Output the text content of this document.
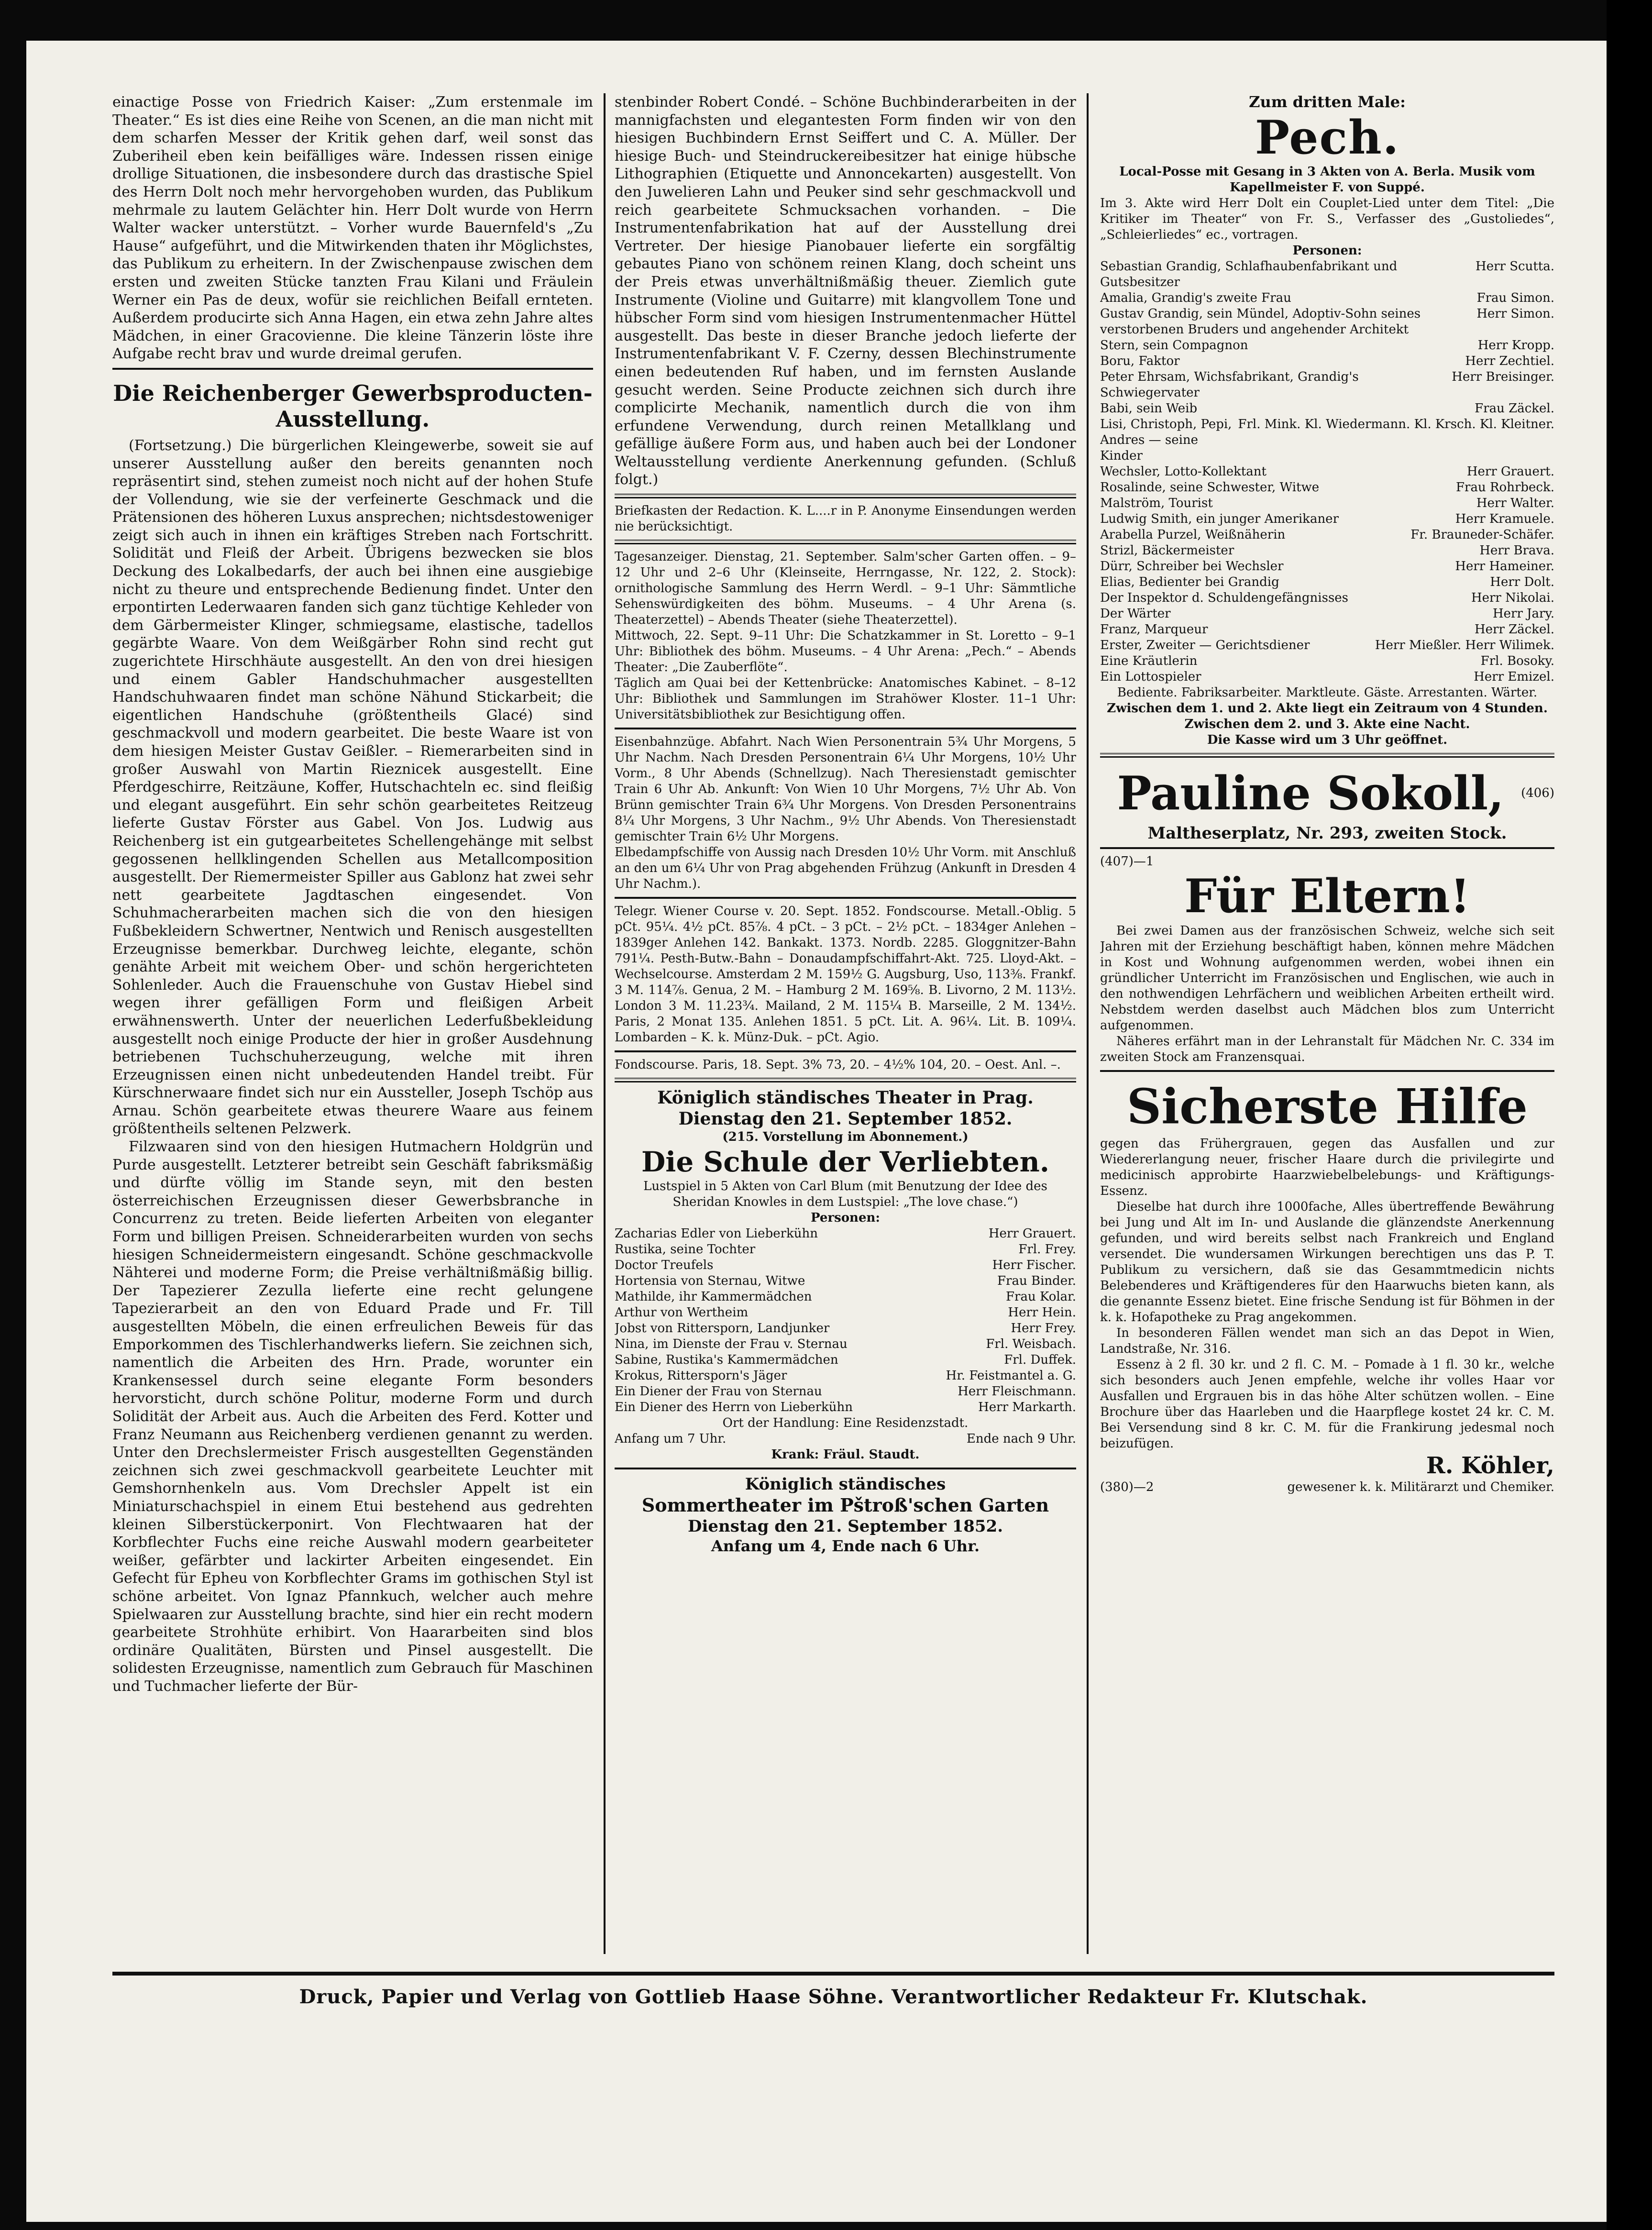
einactige Posse von Friedrich Kaiser: „Zum erstenmale im Theater.“ Es ist dies eine Reihe von Scenen, an die man nicht mit dem scharfen Messer der Kritik gehen darf, weil sonst das Zuberiheil eben kein beifälliges wäre. Indessen rissen einige drollige Situationen, die insbesondere durch das drastische Spiel des Herrn Dolt noch mehr hervorgehoben wurden, das Publikum mehrmale zu lautem Gelächter hin. Herr Dolt wurde von Herrn Walter wacker unterstützt. – Vorher wurde Bauernfeld's „Zu Hause“ aufgeführt, und die Mitwirkenden thaten ihr Möglichstes, das Publikum zu erheitern. In der Zwischenpause zwischen dem ersten und zweiten Stücke tanzten Frau Kilani und Fräulein Werner ein Pas de deux, wofür sie reichlichen Beifall ernteten. Außerdem producirte sich Anna Hagen, ein etwa zehn Jahre altes Mädchen, in einer Gracovienne. Die kleine Tänzerin löste ihre Aufgabe recht brav und wurde dreimal gerufen.

Die Reichenberger Gewerbsproducten-Ausstellung.

(Fortsetzung.) Die bürgerlichen Kleingewerbe, soweit sie auf unserer Ausstellung außer den bereits genannten noch repräsentirt sind, stehen zumeist noch nicht auf der hohen Stufe der Vollendung, wie sie der verfeinerte Geschmack und die Prätensionen des höheren Luxus ansprechen; nichtsdestoweniger zeigt sich auch in ihnen ein kräftiges Streben nach Fortschritt. Solidität und Fleiß der Arbeit. Übrigens bezwecken sie blos Deckung des Lokalbedarfs, der auch bei ihnen eine ausgiebige nicht zu theure und entsprechende Bedienung findet. Unter den erpontirten Lederwaaren fanden sich ganz tüchtige Kehleder von dem Gärbermeister Klinger, schmiegsame, elastische, tadellos gegärbte Waare. Von dem Weißgärber Rohn sind recht gut zugerichtete Hirschhäute ausgestellt. An den von drei hiesigen und einem Gabler Handschuhmacher ausgestellten Handschuhwaaren findet man schöne Nähund Stickarbeit; die eigentlichen Handschuhe (größtentheils Glacé) sind geschmackvoll und modern gearbeitet. Die beste Waare ist von dem hiesigen Meister Gustav Geißler. – Riemerarbeiten sind in großer Auswahl von Martin Rieznicek ausgestellt. Eine Pferdgeschirre, Reitzäune, Koffer, Hutschachteln ec. sind fleißig und elegant ausgeführt. Ein sehr schön gearbeitetes Reitzeug lieferte Gustav Förster aus Gabel. Von Jos. Ludwig aus Reichenberg ist ein gutgearbeitetes Schellengehänge mit selbst gegossenen hellklingenden Schellen aus Metallcomposition ausgestellt. Der Riemermeister Spiller aus Gablonz hat zwei sehr nett gearbeitete Jagdtaschen eingesendet. Von Schuhmacherarbeiten machen sich die von den hiesigen Fußbekleidern Schwertner, Nentwich und Renisch ausgestellten Erzeugnisse bemerkbar. Durchweg leichte, elegante, schön genähte Arbeit mit weichem Ober- und schön hergerichteten Sohlenleder. Auch die Frauenschuhe von Gustav Hiebel sind wegen ihrer gefälligen Form und fleißigen Arbeit erwähnenswerth. Unter der neuerlichen Lederfußbekleidung ausgestellt noch einige Producte der hier in großer Ausdehnung betriebenen Tuchschuherzeugung, welche mit ihren Erzeugnissen einen nicht unbedeutenden Handel treibt. Für Kürschnerwaare findet sich nur ein Aussteller, Joseph Tschöp aus Arnau. Schön gearbeitete etwas theurere Waare aus feinem größtentheils seltenen Pelzwerk.

Filzwaaren sind von den hiesigen Hutmachern Holdgrün und Purde ausgestellt. Letzterer betreibt sein Geschäft fabriksmäßig und dürfte völlig im Stande seyn, mit den besten österreichischen Erzeugnissen dieser Gewerbsbranche in Concurrenz zu treten. Beide lieferten Arbeiten von eleganter Form und billigen Preisen. Schneiderarbeiten wurden von sechs hiesigen Schneidermeistern eingesandt. Schöne geschmackvolle Nähterei und moderne Form; die Preise verhältnißmäßig billig. Der Tapezierer Zezulla lieferte eine recht gelungene Tapezierarbeit an den von Eduard Prade und Fr. Till ausgestellten Möbeln, die einen erfreulichen Beweis für das Emporkommen des Tischlerhandwerks liefern. Sie zeichnen sich, namentlich die Arbeiten des Hrn. Prade, worunter ein Krankensessel durch seine elegante Form besonders hervorsticht, durch schöne Politur, moderne Form und durch Solidität der Arbeit aus. Auch die Arbeiten des Ferd. Kotter und Franz Neumann aus Reichenberg verdienen genannt zu werden. Unter den Drechslermeister Frisch ausgestellten Gegenständen zeichnen sich zwei geschmackvoll gearbeitete Leuchter mit Gemshornhenkeln aus. Vom Drechsler Appelt ist ein Miniaturschachspiel in einem Etui bestehend aus gedrehten kleinen Silberstückerponirt. Von Flechtwaaren hat der Korbflechter Fuchs eine reiche Auswahl modern gearbeiteter weißer, gefärbter und lackirter Arbeiten eingesendet. Ein Gefecht für Epheu von Korbflechter Grams im gothischen Styl ist schöne arbeitet. Von Ignaz Pfannkuch, welcher auch mehre Spielwaaren zur Ausstellung brachte, sind hier ein recht modern gearbeitete Strohhüte erhibirt. Von Haararbeiten sind blos ordinäre Qualitäten, Bürsten und Pinsel ausgestellt. Die solidesten Erzeugnisse, namentlich zum Gebrauch für Maschinen und Tuchmacher lieferte der Bür-

stenbinder Robert Condé. – Schöne Buchbinderarbeiten in der mannigfachsten und elegantesten Form finden wir von den hiesigen Buchbindern Ernst Seiffert und C. A. Müller. Der hiesige Buch- und Steindruckereibesitzer hat einige hübsche Lithographien (Etiquette und Annoncekarten) ausgestellt. Von den Juwelieren Lahn und Peuker sind sehr geschmackvoll und reich gearbeitete Schmucksachen vorhanden. – Die Instrumentenfabrikation hat auf der Ausstellung drei Vertreter. Der hiesige Pianobauer lieferte ein sorgfältig gebautes Piano von schönem reinen Klang, doch scheint uns der Preis etwas unverhältnißmäßig theuer. Ziemlich gute Instrumente (Violine und Guitarre) mit klangvollem Tone und hübscher Form sind vom hiesigen Instrumentenmacher Hüttel ausgestellt. Das beste in dieser Branche jedoch lieferte der Instrumentenfabrikant V. F. Czerny, dessen Blechinstrumente einen bedeutenden Ruf haben, und im fernsten Auslande gesucht werden. Seine Producte zeichnen sich durch ihre complicirte Mechanik, namentlich durch die von ihm erfundene Verwendung, durch reinen Metallklang und gefällige äußere Form aus, und haben auch bei der Londoner Weltausstellung verdiente Anerkennung gefunden. (Schluß folgt.)

Briefkasten der Redaction. K. L....r in P. Anonyme Einsendungen werden nie berücksichtigt.

Tagesanzeiger. Dienstag, 21. September. Salm'scher Garten offen. – 9–12 Uhr und 2–6 Uhr (Kleinseite, Herrngasse, Nr. 122, 2. Stock): ornithologische Sammlung des Herrn Werdl. – 9–1 Uhr: Sämmtliche Sehenswürdigkeiten des böhm. Museums. – 4 Uhr Arena (s. Theaterzettel) – Abends Theater (siehe Theaterzettel).

Mittwoch, 22. Sept. 9–11 Uhr: Die Schatzkammer in St. Loretto – 9–1 Uhr: Bibliothek des böhm. Museums. – 4 Uhr Arena: „Pech.“ – Abends Theater: „Die Zauberflöte“.

Täglich am Quai bei der Kettenbrücke: Anatomisches Kabinet. – 8–12 Uhr: Bibliothek und Sammlungen im Strahöwer Kloster. 11–1 Uhr: Universitätsbibliothek zur Besichtigung offen.

Eisenbahnzüge. Abfahrt. Nach Wien Personentrain 5¾ Uhr Morgens, 5 Uhr Nachm. Nach Dresden Personentrain 6¼ Uhr Morgens, 10½ Uhr Vorm., 8 Uhr Abends (Schnellzug). Nach Theresienstadt gemischter Train 6 Uhr Ab. Ankunft: Von Wien 10 Uhr Morgens, 7½ Uhr Ab. Von Brünn gemischter Train 6¾ Uhr Morgens. Von Dresden Personentrains 8¼ Uhr Morgens, 3 Uhr Nachm., 9½ Uhr Abends. Von Theresienstadt gemischter Train 6½ Uhr Morgens.

Elbedampfschiffe von Aussig nach Dresden 10½ Uhr Vorm. mit Anschluß an den um 6¼ Uhr von Prag abgehenden Frühzug (Ankunft in Dresden 4 Uhr Nachm.).

Telegr. Wiener Course v. 20. Sept. 1852. Fondscourse. Metall.-Oblig. 5 pCt. 95¼. 4½ pCt. 85⅞. 4 pCt. – 3 pCt. – 2½ pCt. – 1834ger Anlehen – 1839ger Anlehen 142. Bankakt. 1373. Nordb. 2285. Gloggnitzer-Bahn 791¼. Pesth-Butw.-Bahn – Donaudampfschiffahrt-Akt. 725. Lloyd-Akt. – Wechselcourse. Amsterdam 2 M. 159½ G. Augsburg, Uso, 113⅜. Frankf. 3 M. 114⅞. Genua, 2 M. – Hamburg 2 M. 169⅝. B. Livorno, 2 M. 113½. London 3 M. 11.23¾. Mailand, 2 M. 115¼ B. Marseille, 2 M. 134½. Paris, 2 Monat 135. Anlehen 1851. 5 pCt. Lit. A. 96¼. Lit. B. 109¼. Lombarden – K. k. Münz-Duk. – pCt. Agio.

Fondscourse. Paris, 18. Sept. 3% 73, 20. – 4½% 104, 20. – Oest. Anl. –.

Königlich ständisches Theater in Prag.
Dienstag den 21. September 1852.
(215. Vorstellung im Abonnement.)
Die Schule der Verliebten.

Lustspiel in 5 Akten von Carl Blum (mit Benutzung der Idee des Sheridan Knowles in dem Lustspiel: „The love chase.“)

Personen:
Zacharias Edler von Lieberkühn	Herr Grauert.
Rustika, seine Tochter	Frl. Frey.
Doctor Treufels	Herr Fischer.
Hortensia von Sternau, Witwe	Frau Binder.
Mathilde, ihr Kammermädchen	Frau Kolar.
Arthur von Wertheim	Herr Hein.
Jobst von Rittersporn, Landjunker	Herr Frey.
Nina, im Dienste der Frau v. Sternau	Frl. Weisbach.
Sabine, Rustika's Kammermädchen	Frl. Duffek.
Krokus, Rittersporn's Jäger	Hr. Feistmantel a. G.
Ein Diener der Frau von Sternau	Herr Fleischmann.
Ein Diener des Herrn von Lieberkühn	Herr Markarth.
Ort der Handlung: Eine Residenzstadt.
Anfang um 7 Uhr.	Ende nach 9 Uhr.
Krank: Fräul. Staudt.
Königlich ständisches
Sommertheater im Pštroß'schen Garten
Dienstag den 21. September 1852.
Anfang um 4, Ende nach 6 Uhr.
Zum dritten Male:
Pech.

Local-Posse mit Gesang in 3 Akten von A. Berla. Musik vom Kapellmeister F. von Suppé.

Im 3. Akte wird Herr Dolt ein Couplet-Lied unter dem Titel: „Die Kritiker im Theater“ von Fr. S., Verfasser des „Gustoliedes“, „Schleierliedes“ ec., vortragen.

Personen:
Sebastian Grandig, Schlafhaubenfabrikant und Gutsbesitzer
Herr Scutta.
Amalia, Grandig's zweite Frau	Frau Simon.
Gustav Grandig, sein Mündel, Adoptiv-Sohn seines verstorbenen Bruders und angehender Architekt
Herr Simon.
Stern, sein Compagnon	Herr Kropp.
Boru, Faktor	Herr Zechtiel.
Peter Ehrsam, Wichsfabrikant, Grandig's Schwiegervater
Herr Breisinger.
Babi, sein Weib	Frau Zäckel.
Lisi, Christoph, Pepi, Andres — seine Kinder
Frl. Mink. Kl. Wiedermann. Kl. Krsch. Kl. Kleitner.
Wechsler, Lotto-Kollektant	Herr Grauert.
Rosalinde, seine Schwester, Witwe	Frau Rohrbeck.
Malström, Tourist	Herr Walter.
Ludwig Smith, ein junger Amerikaner	Herr Kramuele.
Arabella Purzel, Weißnäherin	Fr. Brauneder-Schäfer.
Strizl, Bäckermeister	Herr Brava.
Dürr, Schreiber bei Wechsler	Herr Hameiner.
Elias, Bedienter bei Grandig	Herr Dolt.
Der Inspektor d. Schuldengefängnisses	Herr Nikolai.
Der Wärter	Herr Jary.
Franz, Marqueur	Herr Zäckel.
Erster, Zweiter — Gerichtsdiener	Herr Mießler. Herr Wilimek.
Eine Kräutlerin	Frl. Bosoky.
Ein Lottospieler	Herr Emizel.

Bediente. Fabriksarbeiter. Marktleute. Gäste. Arrestanten. Wärter.

Zwischen dem 1. und 2. Akte liegt ein Zeitraum von 4 Stunden.

Zwischen dem 2. und 3. Akte eine Nacht.

Die Kasse wird um 3 Uhr geöffnet.

Pauline Sokoll,	(406)
Maltheserplatz, Nr. 293, zweiten Stock.
(407)—1
Für Eltern!

Bei zwei Damen aus der französischen Schweiz, welche sich seit Jahren mit der Erziehung beschäftigt haben, können mehre Mädchen in Kost und Wohnung aufgenommen werden, wobei ihnen ein gründlicher Unterricht im Französischen und Englischen, wie auch in den nothwendigen Lehrfächern und weiblichen Arbeiten ertheilt wird. Nebstdem werden daselbst auch Mädchen blos zum Unterricht aufgenommen.

Näheres erfährt man in der Lehranstalt für Mädchen Nr. C. 334 im zweiten Stock am Franzensquai.

Sicherste Hilfe

gegen das Frühergrauen, gegen das Ausfallen und zur Wiedererlangung neuer, frischer Haare durch die privilegirte und medicinisch approbirte Haarzwiebelbelebungs- und Kräftigungs-Essenz.

Dieselbe hat durch ihre 1000fache, Alles übertreffende Bewährung bei Jung und Alt im In- und Auslande die glänzendste Anerkennung gefunden, und wird bereits selbst nach Frankreich und England versendet. Die wundersamen Wirkungen berechtigen uns das P. T. Publikum zu versichern, daß sie das Gesammtmedicin nichts Belebenderes und Kräftigenderes für den Haarwuchs bieten kann, als die genannte Essenz bietet. Eine frische Sendung ist für Böhmen in der k. k. Hofapotheke zu Prag angekommen.

In besonderen Fällen wendet man sich an das Depot in Wien, Landstraße, Nr. 316.

Essenz à 2 fl. 30 kr. und 2 fl. C. M. – Pomade à 1 fl. 30 kr., welche sich besonders auch Jenen empfehle, welche ihr volles Haar vor Ausfallen und Ergrauen bis in das höhe Alter schützen wollen. – Eine Brochure über das Haarleben und die Haarpflege kostet 24 kr. C. M. Bei Versendung sind 8 kr. C. M. für die Frankirung jedesmal noch beizufügen.

R. Köhler,
(380)—2	gewesener k. k. Militärarzt und Chemiker.
Druck, Papier und Verlag von Gottlieb Haase Söhne. Verantwortlicher Redakteur Fr. Klutschak.
